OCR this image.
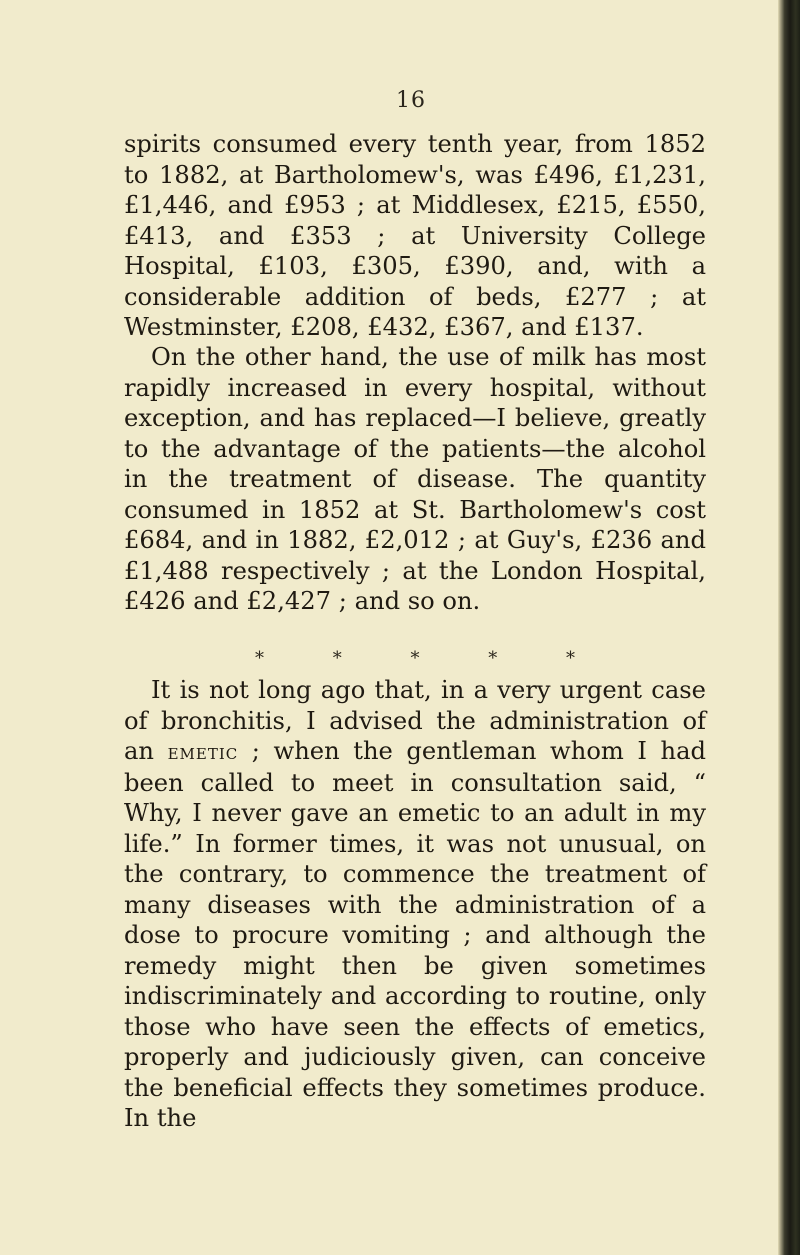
16
spirits consumed every tenth year, from 1852 to 1882, at Bartholomew's, was £496, £1,231, £1,446, and £953 ; at Middlesex, £215, £550, £413, and £353 ; at University College Hospital, £103, £305, £390, and, with a considerable addition of beds, £277 ; at Westminster, £208, £432, £367, and £137.
On the other hand, the use of milk has most rapidly increased in every hospital, without exception, and has replaced—I believe, greatly to the advantage of the patients—the alcohol in the treatment of disease. The quantity consumed in 1852 at St. Bartholomew's cost £684, and in 1882, £2,012 ; at Guy's, £236 and £1,488 respectively ; at the London Hospital, £426 and £2,427 ; and so on.
*	*	*	*	*
It is not long ago that, in a very urgent case of bronchitis, I advised the administration of an emetic ; when the gentleman whom I had been called to meet in consultation said, “ Why, I never gave an emetic to an adult in my life.” In former times, it was not unusual, on the contrary, to commence the treatment of many diseases with the administration of a dose to procure vomiting ; and although the remedy might then be given sometimes indiscriminately and according to routine, only those who have seen the effects of emetics, properly and judiciously given, can conceive the beneficial effects they sometimes produce. In the
